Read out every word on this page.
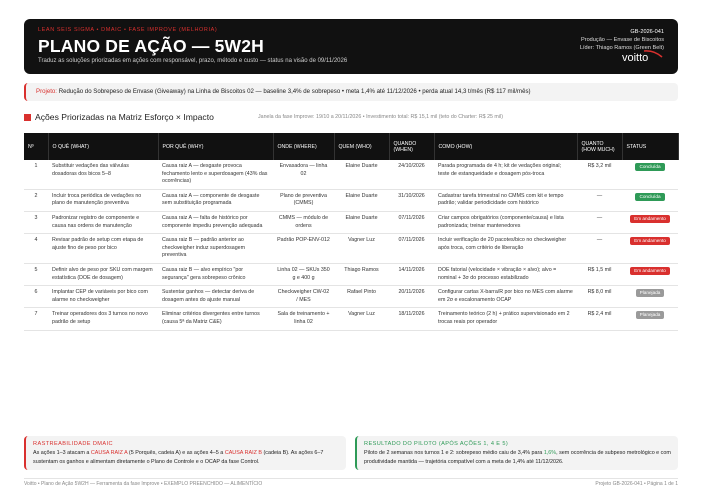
LEAN SEIS SIGMA • DMAIC • FASE IMPROVE (MELHORIA)
PLANO DE AÇÃO — 5W2H
Traduz as soluções priorizadas em ações com responsável, prazo, método e custo — status na visão de 09/11/2026
GB-2026-041
Produção — Envase de Biscoitos
Líder: Thiago Ramos (Green Belt)
voitto
Projeto: Redução do Sobrepeso de Envase (Giveaway) na Linha de Biscoitos 02 — baseline 3,4% de sobrepeso • meta 1,4% até 11/12/2026 • perda atual 14,3 t/mês (R$ 117 mil/mês)
Ações Priorizadas na Matriz Esforço × Impacto	Janela da fase Improve: 19/10 a 20/11/2026 • Investimento total: R$ 15,1 mil (teto do Charter: R$ 25 mil)
Nº	O QUÊ (WHAT)	POR QUÊ (WHY)	ONDE (WHERE)	QUEM (WHO)	QUANDO (WHEN)	COMO (HOW)	QUANTO (HOW MUCH)	STATUS
1	Substituir vedações das válvulas dosadoras dos bicos 5–8	Causa raiz A — desgaste provoca fechamento lento e superdosagem (43% das ocorrências)	Envasadora — linha 02	Elaine Duarte	24/10/2026	Parada programada de 4 h; kit de vedações original; teste de estanqueidade e dosagem pós-troca	R$ 3,2 mil	Concluída
2	Incluir troca periódica de vedações no plano de manutenção preventiva	Causa raiz A — componente de desgaste sem substituição programada	Plano de preventiva (CMMS)	Elaine Duarte	31/10/2026	Cadastrar tarefa trimestral no CMMS com kit e tempo padrão; validar periodicidade com histórico	—	Concluída
3	Padronizar registro de componente e causa nas ordens de manutenção	Causa raiz A — falta de histórico por componente impediu prevenção adequada	CMMS — módulo de ordens	Elaine Duarte	07/11/2026	Criar campos obrigatórios (componente/causa) e lista padronizada; treinar mantenedores	—	Em andamento
4	Revisar padrão de setup com etapa de ajuste fino de peso por bico	Causa raiz B — padrão anterior ao checkweigher induz superdosagem preventiva	Padrão POP-ENV-012	Vagner Luz	07/11/2026	Incluir verificação de 20 pacotes/bico no checkweigher após troca, com critério de liberação	—	Em andamento
5	Definir alvo de peso por SKU com margem estatística (DOE de dosagem)	Causa raiz B — alvo empírico "por segurança" gera sobrepeso crônico	Linha 02 — SKUs 350 g e 400 g	Thiago Ramos	14/11/2026	DOE fatorial (velocidade × vibração × alvo); alvo = nominal + 3σ do processo estabilizado	R$ 1,5 mil	Em andamento
6	Implantar CEP de variáveis por bico com alarme no checkweigher	Sustentar ganhos — detectar deriva de dosagem antes do ajuste manual	Checkweigher CW-02 / MES	Rafael Pinto	20/11/2026	Configurar cartas X-barra/R por bico no MES com alarme em 2σ e escalonamento OCAP	R$ 8,0 mil	Planejada
7	Treinar operadores dos 3 turnos no novo padrão de setup	Eliminar critérios divergentes entre turnos (causa 5ª da Matriz C&E)	Sala de treinamento + linha 02	Vagner Luz	18/11/2026	Treinamento teórico (2 h) + prático supervisionado em 2 trocas reais por operador	R$ 2,4 mil	Planejada
RASTREABILIDADE DMAIC
As ações 1–3 atacam a CAUSA RAIZ A (5 Porquês, cadeia A) e as ações 4–5 a CAUSA RAIZ B (cadeia B). As ações 6–7 sustentam os ganhos e alimentam diretamente o Plano de Controle e o OCAP da fase Control.
RESULTADO DO PILOTO (APÓS AÇÕES 1, 4 E 5)
Piloto de 2 semanas nos turnos 1 e 2: sobrepeso médio caiu de 3,4% para 1,6%, sem ocorrência de subpeso metrológico e com produtividade mantida — trajetória compatível com a meta de 1,4% até 11/12/2026.
Voitto • Plano de Ação 5W2H — Ferramenta da fase Improve • EXEMPLO PREENCHIDO — ALIMENTÍCIO	Projeto GB-2026-041 • Página 1 de 1
